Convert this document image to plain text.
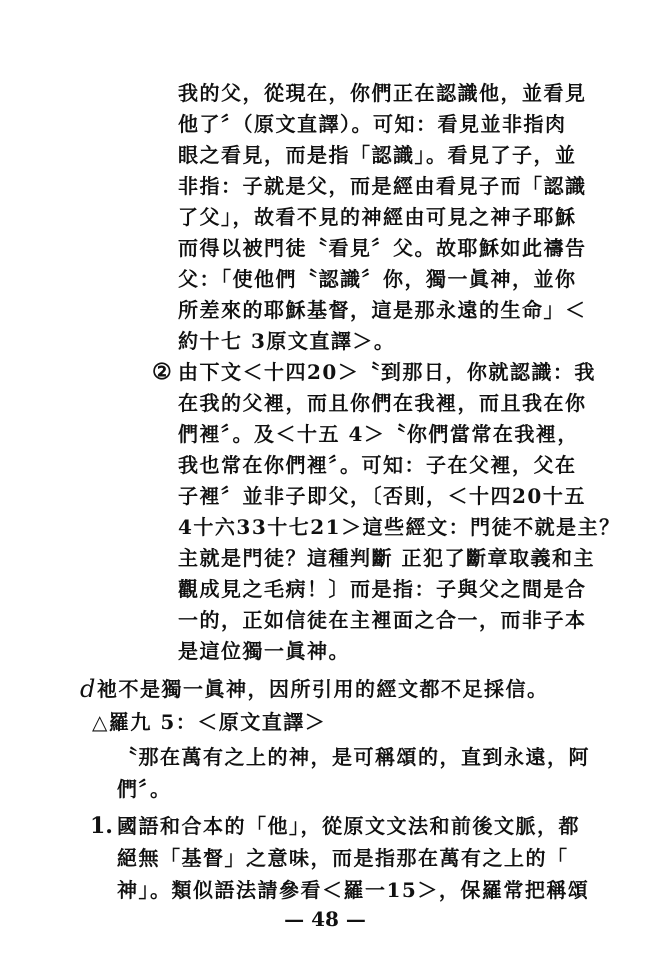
我的父，從現在，你們正在認識他，並看見
他了〞（原文直譯）。可知：看見並非指肉
眼之看見，而是指「認識」。看見了子，並
非指：子就是父，而是經由看見子而「認識
了父」，故看不見的神經由可見之神子耶穌
而得以被門徒〝看見〞父。故耶穌如此禱告
父：「使他們〝認識〞你，獨一眞神，並你
所差來的耶穌基督，這是那永遠的生命」＜
約十七 3原文直譯＞。
② 由下文＜十四20＞〝到那日，你就認識：我
在我的父裡，而且你們在我裡，而且我在你
們裡〞。及＜十五 4＞〝你們當常在我裡，
我也常在你們裡〞。可知：子在父裡，父在
子裡〞並非子即父，〔否則，＜十四20十五
4十六33十七21＞這些經文：門徒不就是主？
主就是門徒？這種判斷 正犯了斷章取義和主
觀成見之毛病！〕而是指：子與父之間是合
一的，正如信徒在主裡面之合一，而非子本
是這位獨一眞神。
d 祂不是獨一眞神，因所引用的經文都不足採信。
△羅九 5：＜原文直譯＞
〝那在萬有之上的神，是可稱頌的，直到永遠，阿
們〞。
1. 國語和合本的「他」，從原文文法和前後文脈，都
絕無「基督」之意味，而是指那在萬有之上的「
神」。類似語法請參看＜羅一15＞，保羅常把稱頌
— 48 —
